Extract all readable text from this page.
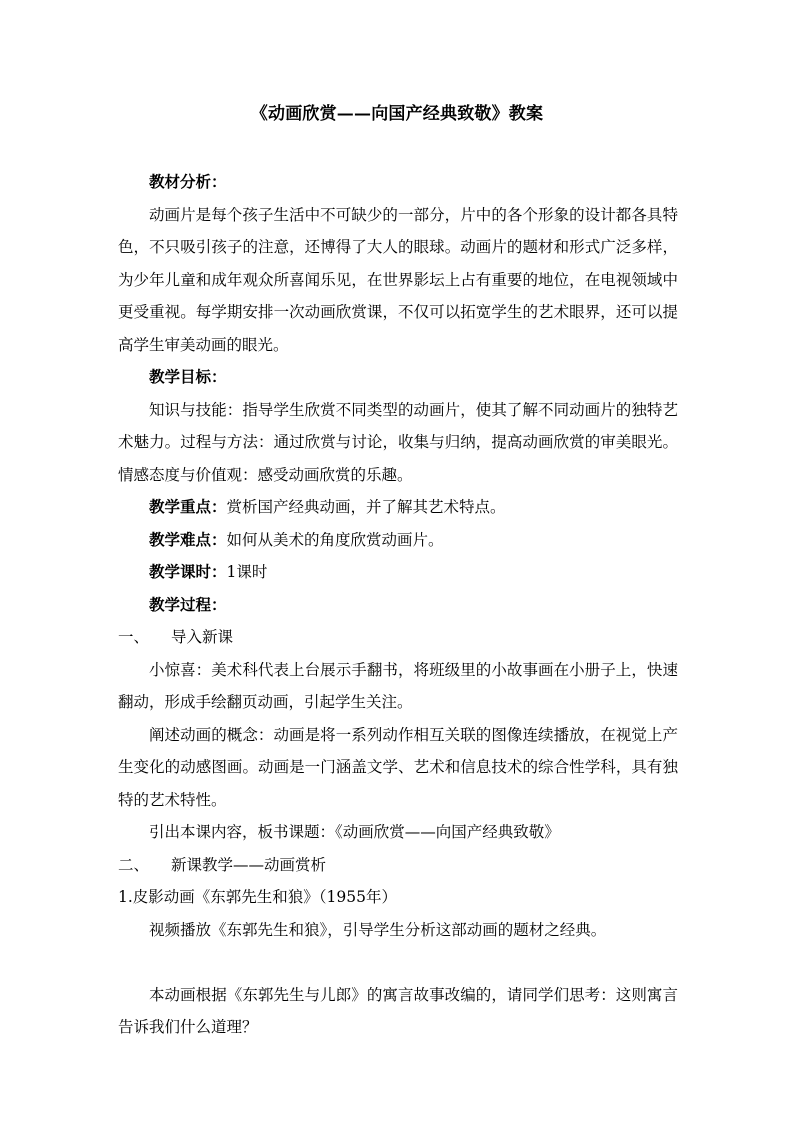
《动画欣赏——向国产经典致敬》教案

教材分析：

动画片是每个孩子生活中不可缺少的一部分，片中的各个形象的设计都各具特色，不只吸引孩子的注意，还博得了大人的眼球。动画片的题材和形式广泛多样，为少年儿童和成年观众所喜闻乐见，在世界影坛上占有重要的地位，在电视领域中更受重视。每学期安排一次动画欣赏课，不仅可以拓宽学生的艺术眼界，还可以提高学生审美动画的眼光。

教学目标：

知识与技能：指导学生欣赏不同类型的动画片，使其了解不同动画片的独特艺术魅力。过程与方法：通过欣赏与讨论，收集与归纳，提高动画欣赏的审美眼光。情感态度与价值观：感受动画欣赏的乐趣。

教学重点：赏析国产经典动画，并了解其艺术特点。

教学难点：如何从美术的角度欣赏动画片。

教学课时：1课时

教学过程：

一、 导入新课

小惊喜：美术科代表上台展示手翻书，将班级里的小故事画在小册子上，快速翻动，形成手绘翻页动画，引起学生关注。

阐述动画的概念：动画是将一系列动作相互关联的图像连续播放，在视觉上产生变化的动感图画。动画是一门涵盖文学、艺术和信息技术的综合性学科，具有独特的艺术特性。

引出本课内容，板书课题：《动画欣赏——向国产经典致敬》

二、 新课教学——动画赏析

1.皮影动画《东郭先生和狼》（1955年）

视频播放《东郭先生和狼》，引导学生分析这部动画的题材之经典。

本动画根据《东郭先生与儿郎》的寓言故事改编的，请同学们思考：这则寓言告诉我们什么道理？
